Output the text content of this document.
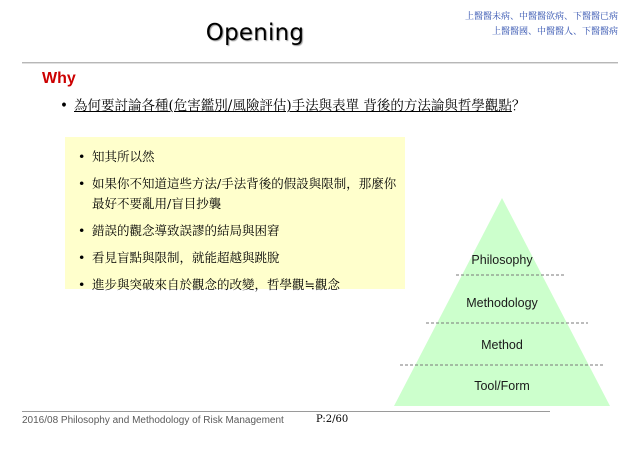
Opening
上醫醫未病、中醫醫欲病、下醫醫已病
上醫醫國、中醫醫人、下醫醫病
Why
• 為何要討論各種(危害鑑別/風險評估)手法與表單 背後的方法論與哲學觀點？
• 知其所以然
• 如果你不知道這些方法/手法背後的假設與限制，那麼你最好不要亂用/盲目抄襲
• 錯誤的觀念導致誤謬的結局與困窘
• 看見盲點與限制，就能超越與跳脫
• 進步與突破來自於觀念的改變，哲學觀≒觀念
Philosophy
Methodology
Method
Tool/Form
2016/08 Philosophy and Methodology of Risk Management	P:2/60
